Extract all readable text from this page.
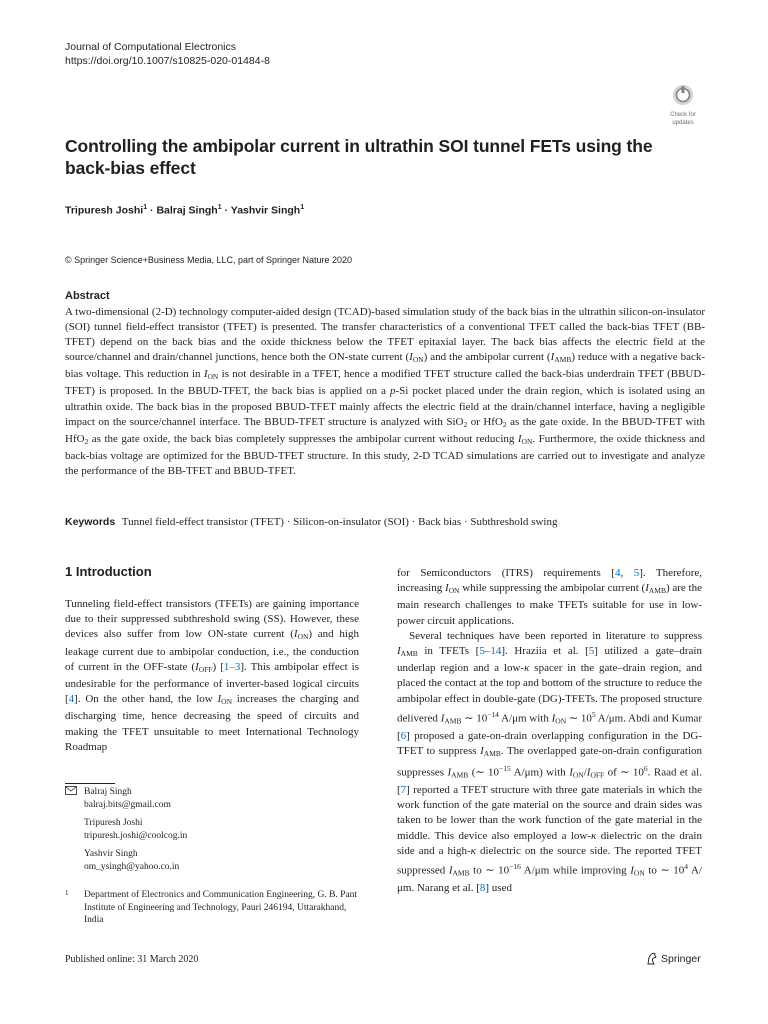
Journal of Computational Electronics
https://doi.org/10.1007/s10825-020-01484-8
Check for
updates
Controlling the ambipolar current in ultrathin SOI tunnel FETs using the back-bias effect
Tripuresh Joshi$^1$ · Balraj Singh$^1$ · Yashvir Singh$^1$
© Springer Science+Business Media, LLC, part of Springer Nature 2020
Abstract
A two-dimensional (2-D) technology computer-aided design (TCAD)-based simulation study of the back bias in the ultrathin silicon-on-insulator (SOI) tunnel field-effect transistor (TFET) is presented. The transfer characteristics of a conventional TFET called the back-bias TFET (BB-TFET) depend on the back bias and the oxide thickness below the TFET epitaxial layer. The back bias affects the electric field at the source/channel and drain/channel junctions, hence both the ON-state current $(I_{ON})$ and the ambipolar current $(I_{AMB})$ reduce with a negative back-bias voltage. This reduction in $I_{ON}$ is not desirable in a TFET, hence a modified TFET structure called the back-bias underdrain TFET (BBUD-TFET) is proposed. In the BBUD-TFET, the back bias is applied on a p-Si pocket placed under the drain region, which is isolated using an ultrathin oxide. The back bias in the proposed BBUD-TFET mainly affects the electric field at the drain/channel interface, having a negligible impact on the source/channel interface. The BBUD-TFET structure is analyzed with SiO$_2$ or HfO$_2$ as the gate oxide. In the BBUD-TFET with HfO$_2$ as the gate oxide, the back bias completely suppresses the ambipolar current without reducing $I_{ON}$. Furthermore, the oxide thickness and back-bias voltage are optimized for the BBUD-TFET structure. In this study, 2-D TCAD simulations are carried out to investigate and analyze the performance of the BB-TFET and BBUD-TFET.
Keywords Tunnel field-effect transistor (TFET) · Silicon-on-insulator (SOI) · Back bias · Subthreshold swing
1 Introduction

Tunneling field-effect transistors (TFETs) are gaining importance due to their suppressed subthreshold swing (SS). However, these devices also suffer from low ON-state current $(I_{ON})$ and high leakage current due to ambipolar conduction, i.e., the conduction of current in the OFF-state $(I_{OFF})$ [1–3]. This ambipolar effect is undesirable for the performance of inverter-based logical circuits [4]. On the other hand, the low $I_{ON}$ increases the charging and discharging time, hence decreasing the speed of circuits and making the TFET unsuitable to meet International Technology Roadmap

for Semiconductors (ITRS) requirements [4, 5]. Therefore, increasing $I_{ON}$ while suppressing the ambipolar current $(I_{AMB})$ are the main research challenges to make TFETs suitable for use in low-power circuit applications.

Several techniques have been reported in literature to suppress $I_{AMB}$ in TFETs [5–14]. Hraziia et al. [5] utilized a gate–drain underlap region and a low-κ spacer in the gate–drain region, and placed the contact at the top and bottom of the structure to reduce the ambipolar effect in double-gate (DG)-TFETs. The proposed structure delivered $I_{AMB}$ ∼ $10^{-14}$ A/μm with $I_{ON}$ ∼ $10^5$ A/μm. Abdi and Kumar [6] proposed a gate-on-drain overlapping configuration in the DG-TFET to suppress $I_{AMB}$. The overlapped gate-on-drain configuration suppresses $I_{AMB}$ (∼ $10^{-15}$ A/μm) with $I_{ON}/I_{OFF}$ of ∼ $10^6$. Raad et al. [7] reported a TFET structure with three gate materials in which the work function of the gate material on the source and drain sides was taken to be lower than the work function of the gate material in the middle. This device also employed a low-κ dielectric on the drain side and a high-κ dielectric on the source side. The reported TFET suppressed $I_{AMB}$ to ∼ $10^{-16}$ A/μm while improving $I_{ON}$ to ∼ $10^4$ A/μm. Narang et al. [8] used

Balraj Singh
balraj.bits@gmail.com
Tripuresh Joshi
tripuresh.joshi@coolcog.in
Yashvir Singh
om_ysingh@yahoo.co.in
1 Department of Electronics and Communication Engineering, G. B. Pant Institute of Engineering and Technology, Pauri 246194, Uttarakhand, India
Published online: 31 March 2020	Springer
